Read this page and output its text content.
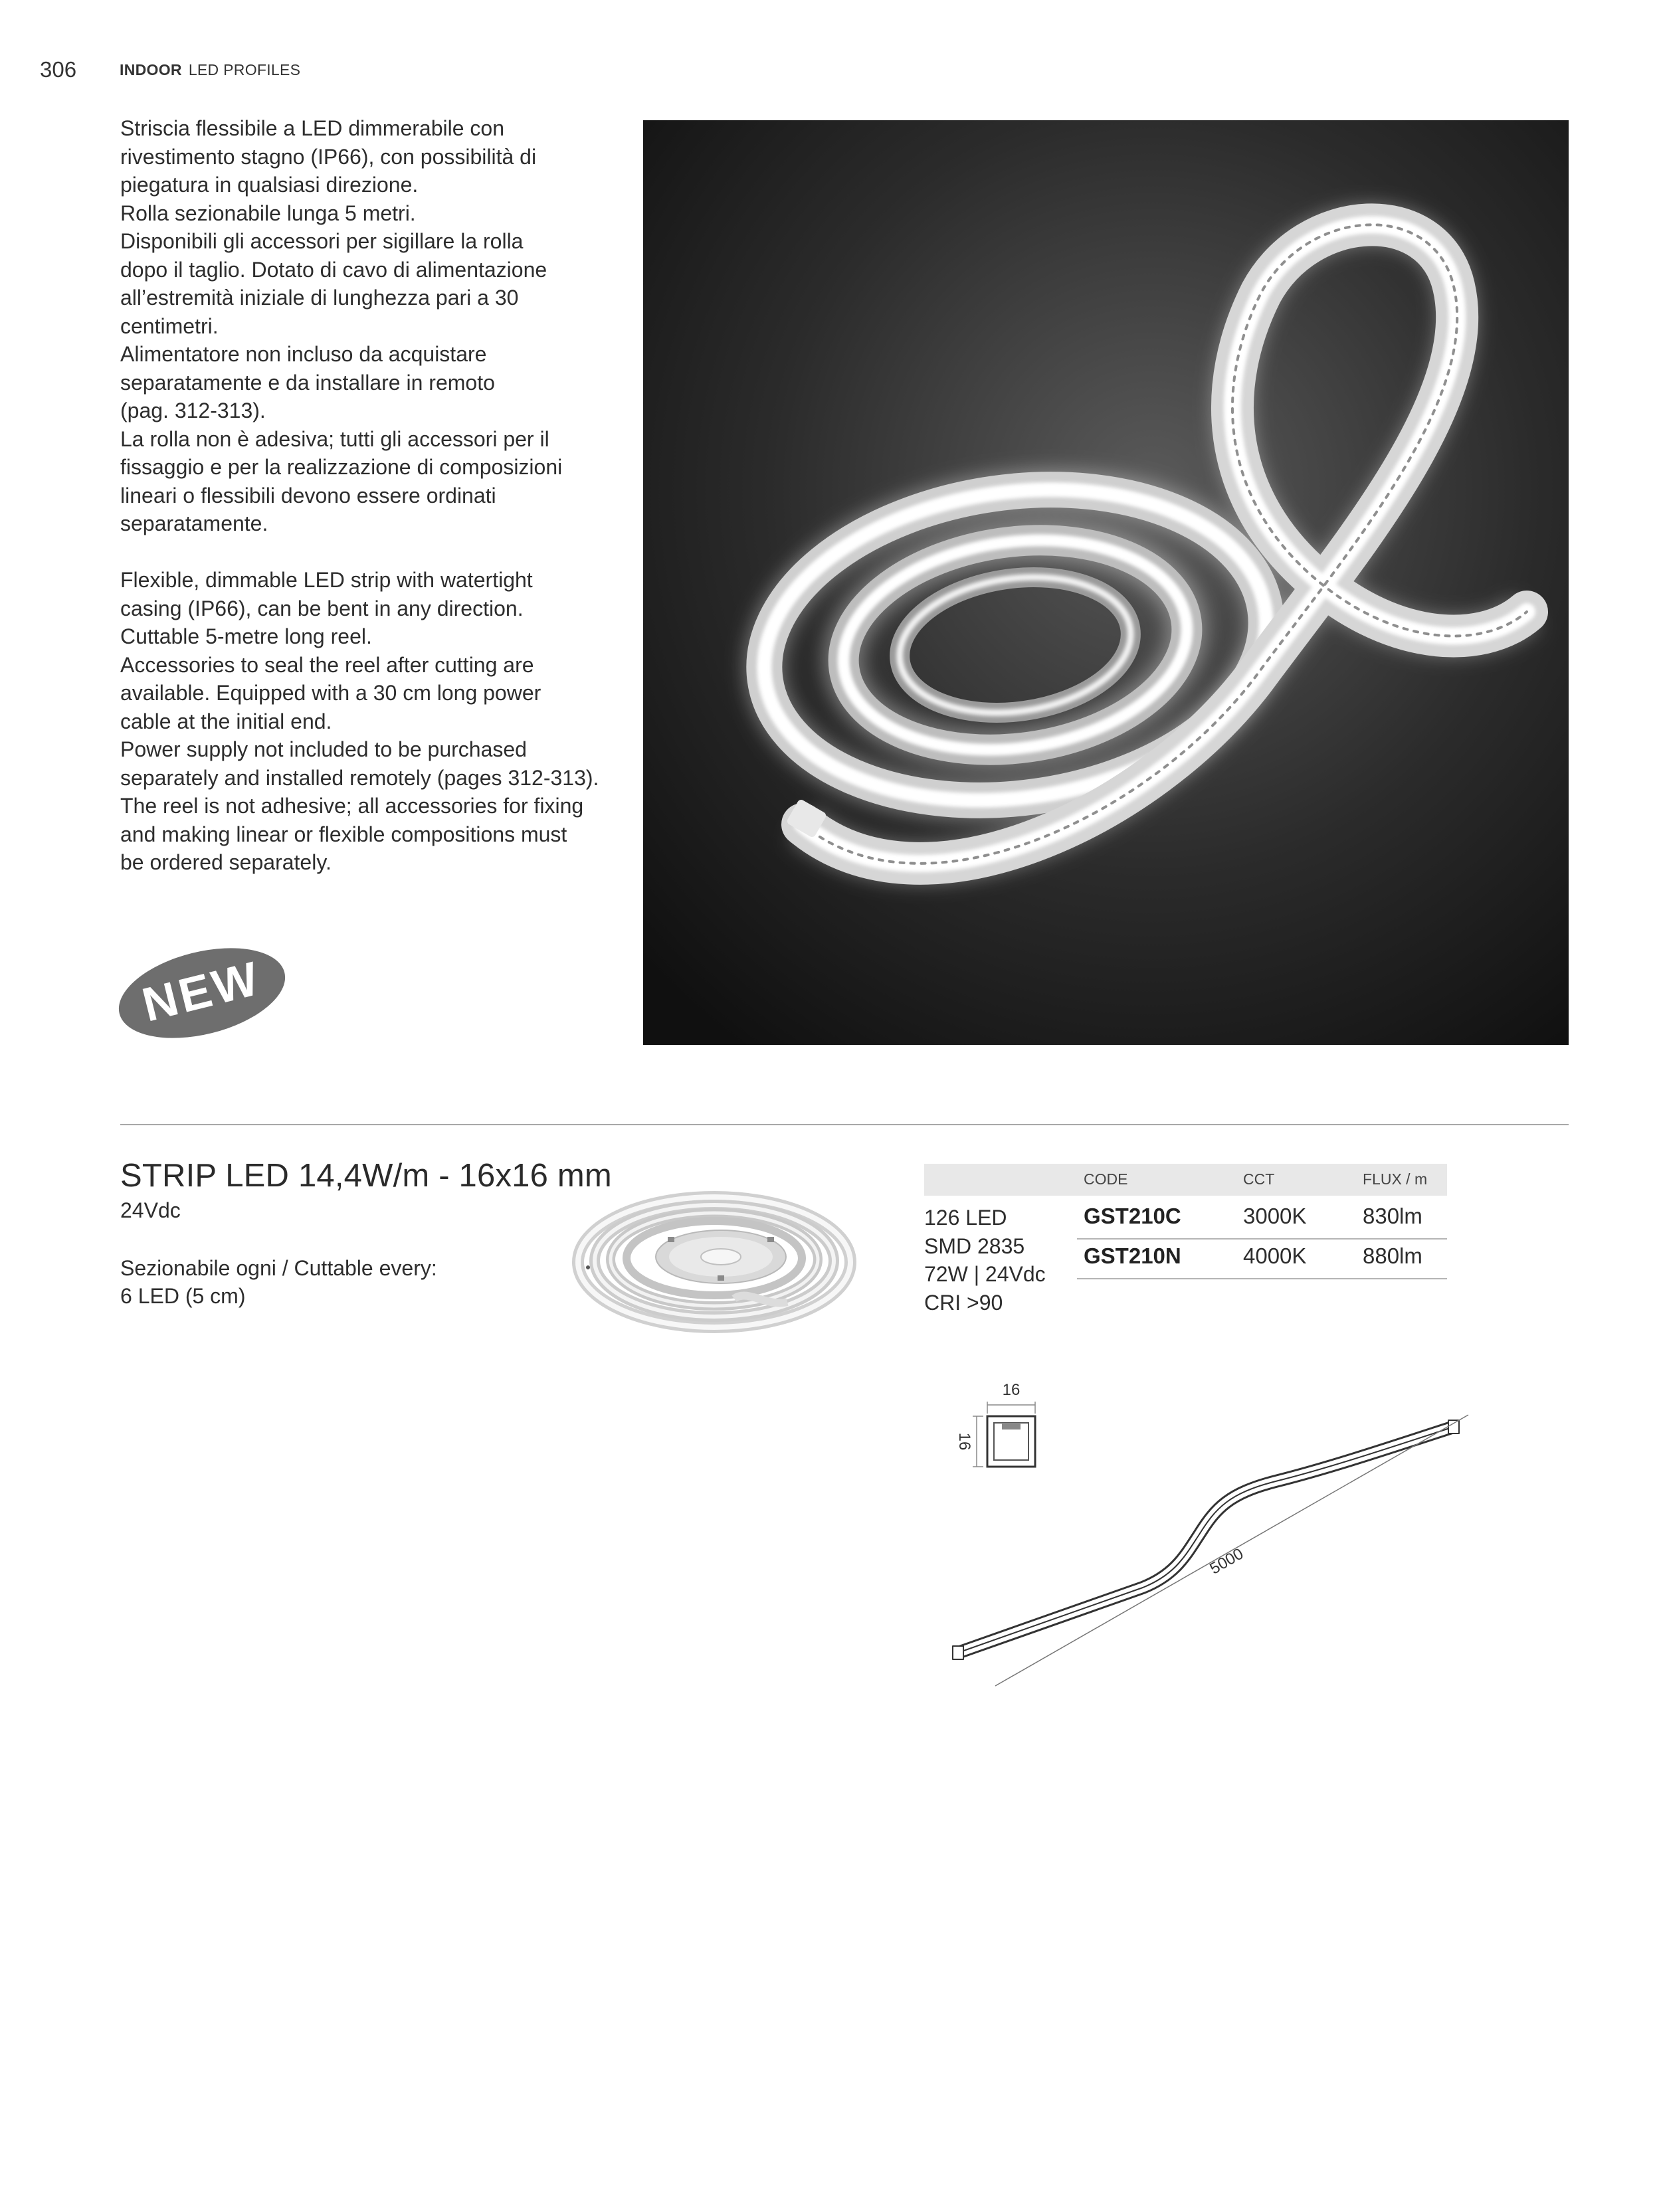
306	INDOOR LED PROFILES

Striscia flessibile a LED dimmerabile con

rivestimento stagno (IP66), con possibilità di

piegatura in qualsiasi direzione.

Rolla sezionabile lunga 5 metri.

Disponibili gli accessori per sigillare la rolla

dopo il taglio. Dotato di cavo di alimentazione

all’estremità iniziale di lunghezza pari a 30

centimetri.

Alimentatore non incluso da acquistare

separatamente e da installare in remoto

(pag. 312-313).

La rolla non è adesiva; tutti gli accessori per il

fissaggio e per la realizzazione di composizioni

lineari o flessibili devono essere ordinati

separatamente.

Flexible, dimmable LED strip with watertight

casing (IP66), can be bent in any direction.

Cuttable 5-metre long reel.

Accessories to seal the reel after cutting are

available. Equipped with a 30 cm long power

cable at the initial end.

Power supply not included to be purchased

separately and installed remotely (pages 312-313).

The reel is not adhesive; all accessories for fixing

and making linear or flexible compositions must

be ordered separately.

NEW
STRIP LED 14,4W/m - 16x16 mm
24Vdc
Sezionabile ogni / Cuttable every:
6 LED (5 cm)
126 LED
SMD 2835
72W | 24Vdc
CRI >90
CODE	CCT	FLUX / m
GST210C	3000K	830lm
GST210N	4000K	880lm
16
16
5000
